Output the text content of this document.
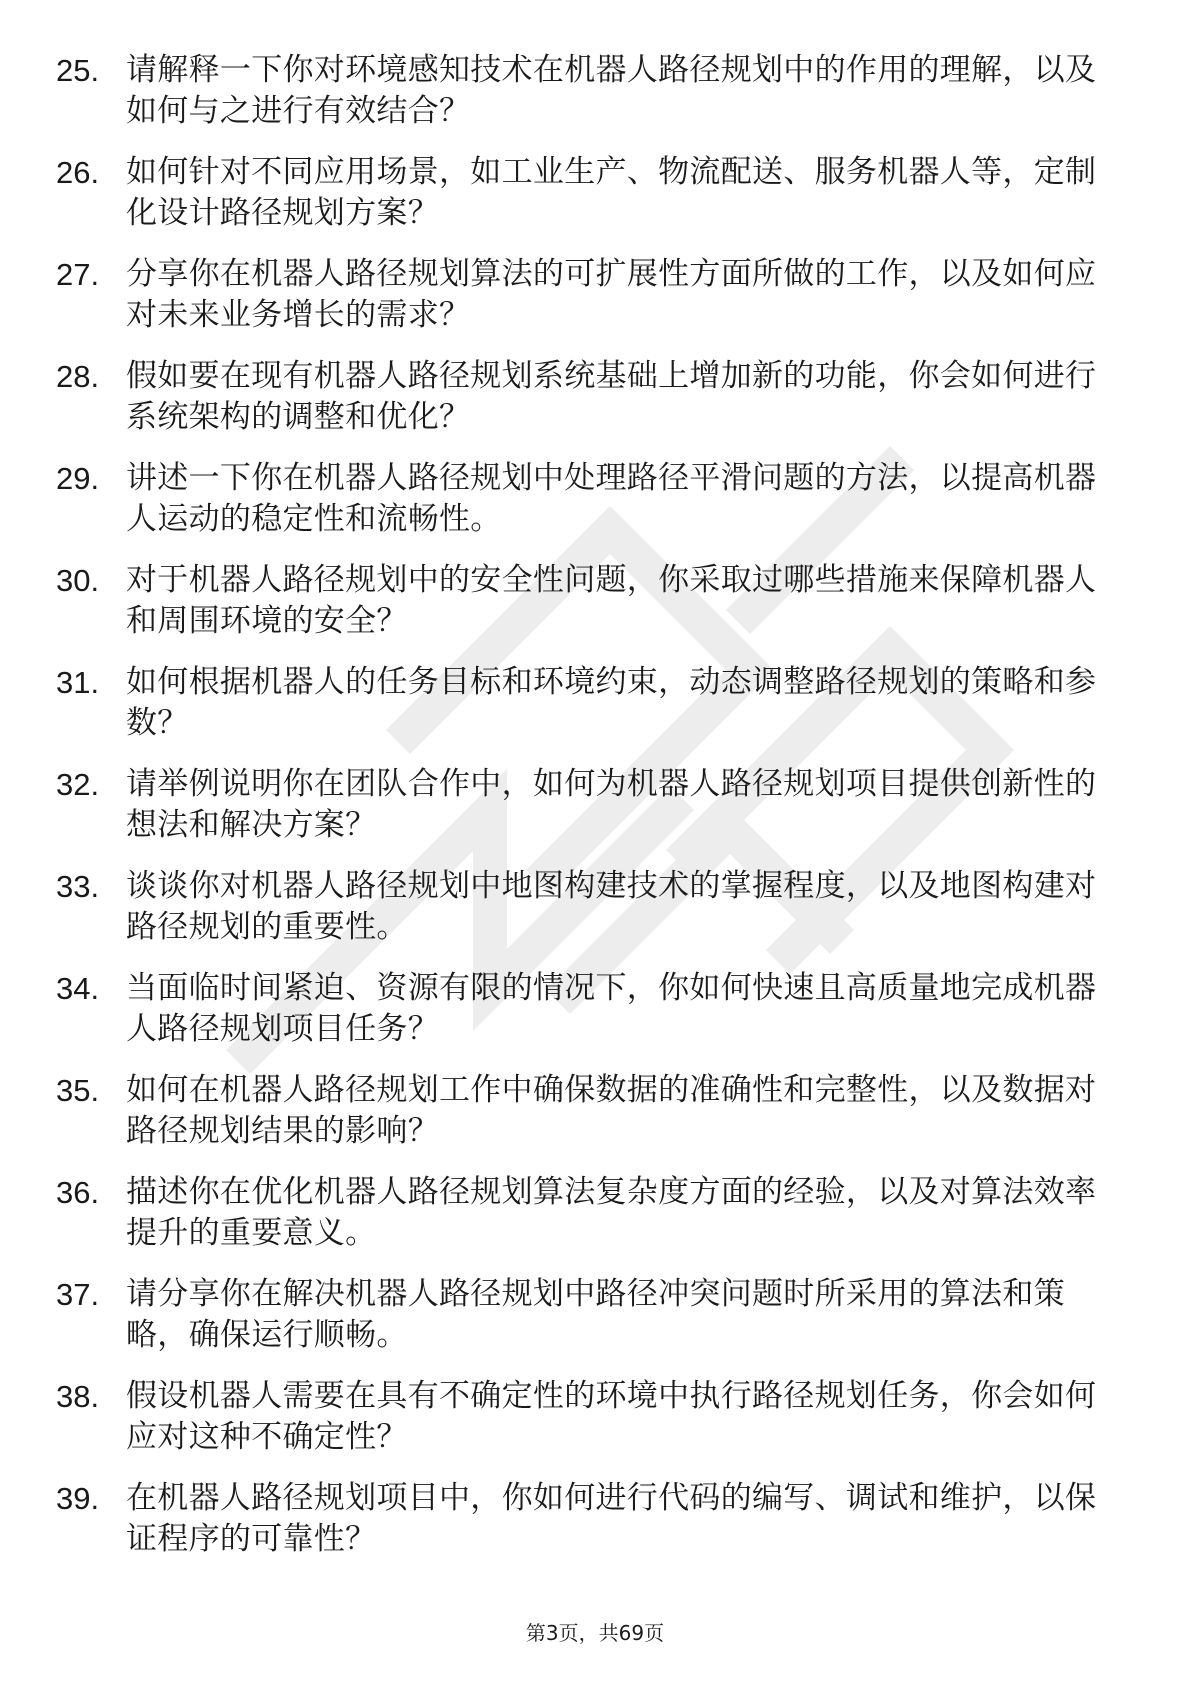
25. 请解释一下你对环境感知技术在机器人路径规划中的作用的理解，以及如何与之进行有效结合？
26. 如何针对不同应用场景，如工业生产、物流配送、服务机器人等，定制化设计路径规划方案？
27. 分享你在机器人路径规划算法的可扩展性方面所做的工作，以及如何应对未来业务增长的需求？
28. 假如要在现有机器人路径规划系统基础上增加新的功能，你会如何进行系统架构的调整和优化？
29. 讲述一下你在机器人路径规划中处理路径平滑问题的方法，以提高机器人运动的稳定性和流畅性。
30. 对于机器人路径规划中的安全性问题，你采取过哪些措施来保障机器人和周围环境的安全？
31. 如何根据机器人的任务目标和环境约束，动态调整路径规划的策略和参数？
32. 请举例说明你在团队合作中，如何为机器人路径规划项目提供创新性的想法和解决方案？
33. 谈谈你对机器人路径规划中地图构建技术的掌握程度，以及地图构建对路径规划的重要性。
34. 当面临时间紧迫、资源有限的情况下，你如何快速且高质量地完成机器人路径规划项目任务？
35. 如何在机器人路径规划工作中确保数据的准确性和完整性，以及数据对路径规划结果的影响？
36. 描述你在优化机器人路径规划算法复杂度方面的经验，以及对算法效率提升的重要意义。
37. 请分享你在解决机器人路径规划中路径冲突问题时所采用的算法和策略，确保运行顺畅。
38. 假设机器人需要在具有不确定性的环境中执行路径规划任务，你会如何应对这种不确定性？
39. 在机器人路径规划项目中，你如何进行代码的编写、调试和维护，以保证程序的可靠性？
第3页，共69页
